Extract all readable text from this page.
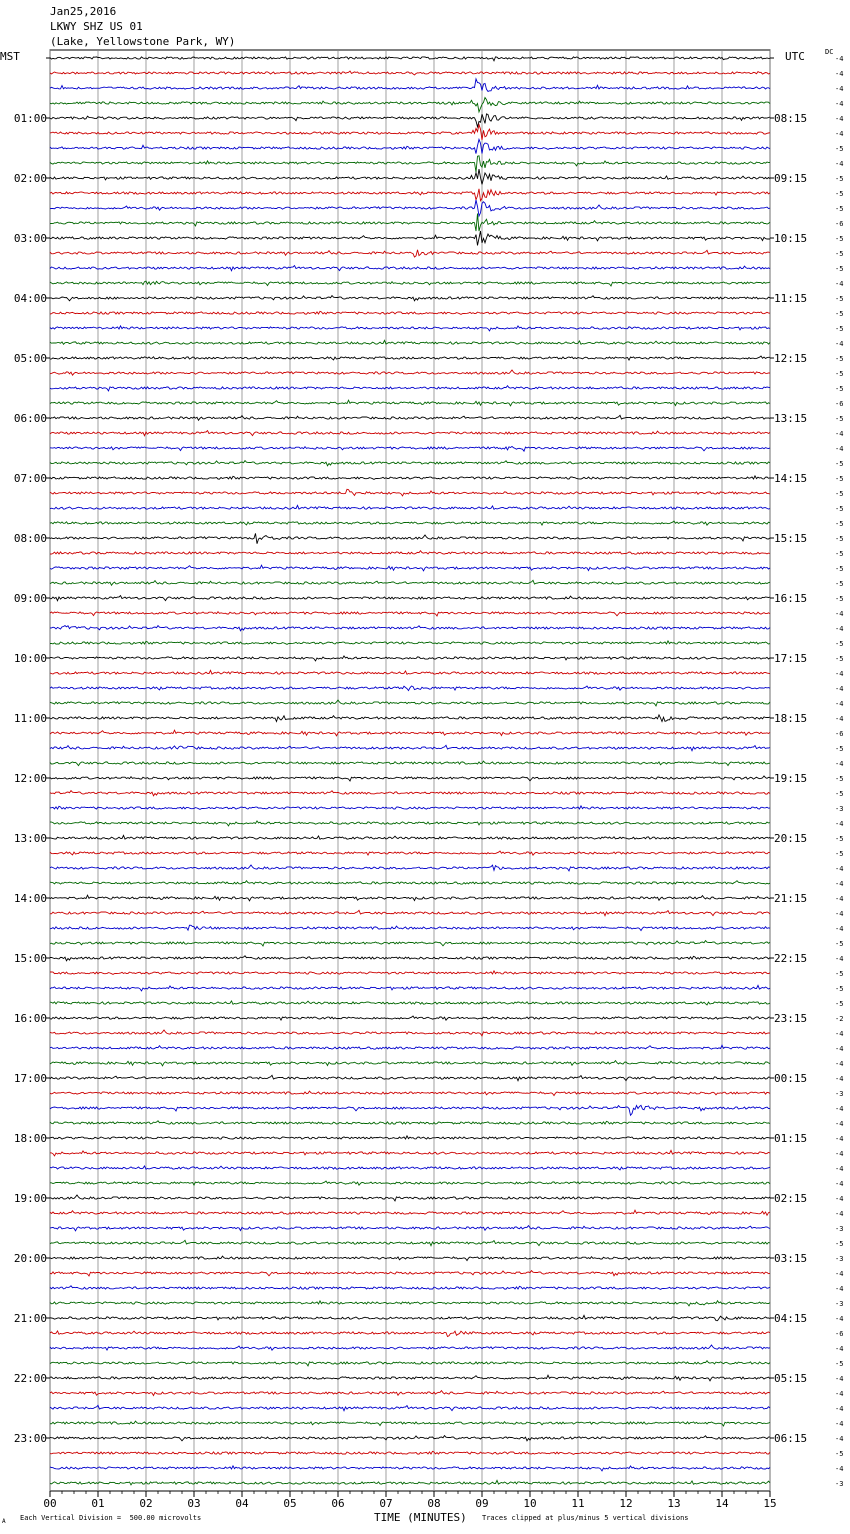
Jan25,2016
LKWY SHZ US 01
(Lake, Yellowstone Park, WY)
MST	UTC	DC
00	01	02	03	04	05	06	07	08	09	10	11	12	13	14	15
-4
-4
-4
-4
-4
-4
-5
-4
-5
-5
-5
-6
-5
-5
-5
-4
-5
-5
-5
-4
-5
-5
-5
-6
-5
-4
-4
-5
-5
-5
-5
-5
-5
-5
-5
-5
-5
-4
-4
-5
-5
-4
-4
-4
-4
-6
-5
-4
-5
-5
-3
-4
-5
-5
-4
-4
-4
-4
-4
-5
-4
-5
-5
-5
-2
-4
-4
-4
-4
-3
-4
-4
-4
-4
-4
-4
-4
-4
-3
-5
-3
-4
-4
-3
-4
-6
-4
-5
-4
-4
-4
-4
-4
-5
-4
-3
01:00
02:00
03:00
04:00
05:00
06:00
07:00
08:00
09:00
10:00
11:00
12:00
13:00
14:00
15:00
16:00
17:00
18:00
19:00
20:00
21:00
22:00
23:00
08:15
09:15
10:15
11:15
12:15
13:15
14:15
15:15
16:15
17:15
18:15
19:15
20:15
21:15
22:15
23:15
00:15
01:15
02:15
03:15
04:15
05:15
06:15
A Each Vertical Division =  500.00 microvolts	TIME (MINUTES) Traces clipped at plus/minus 5 vertical divisions
